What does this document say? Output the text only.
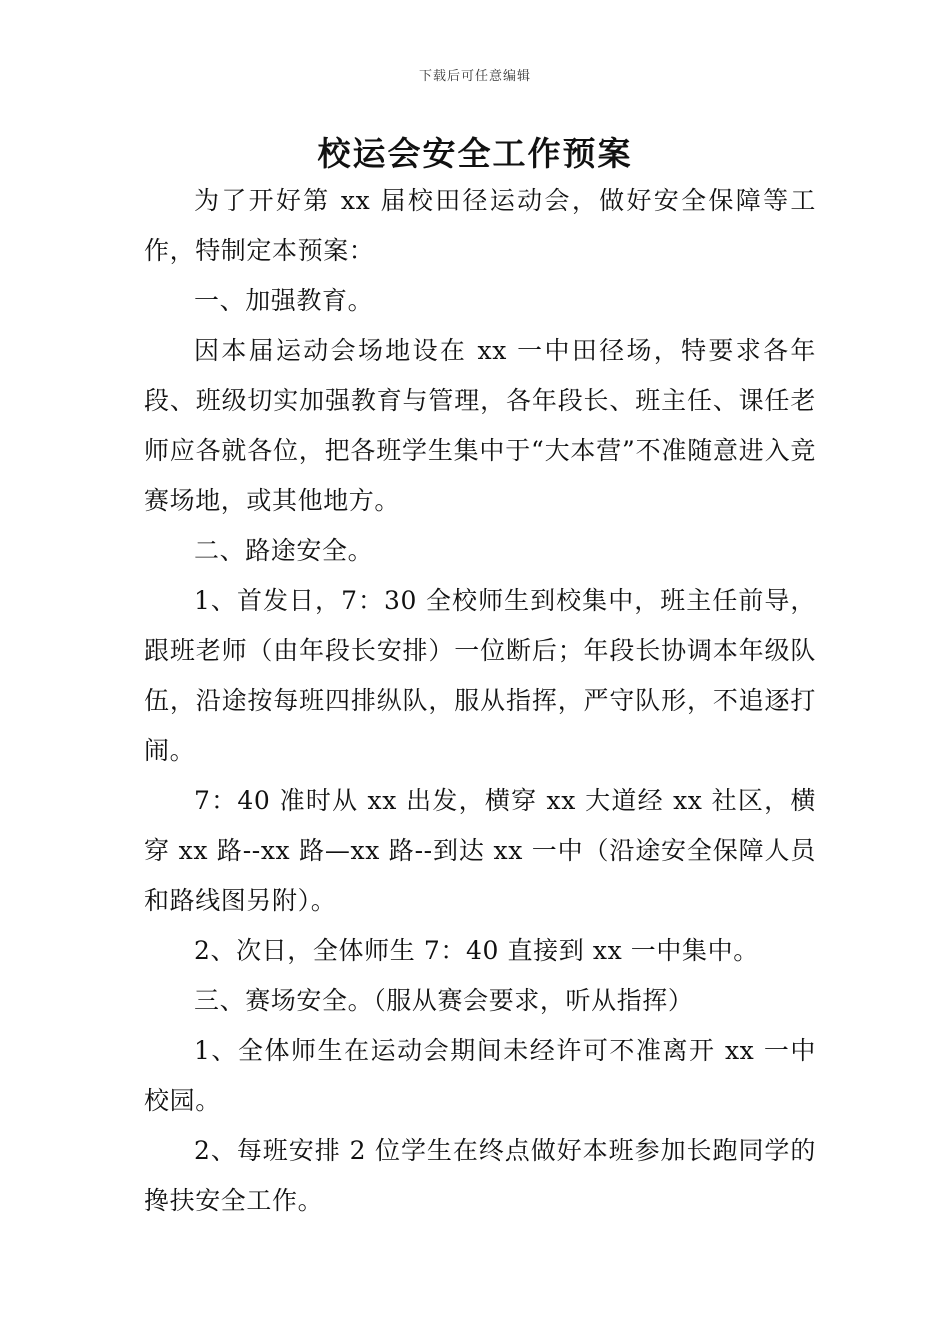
下载后可任意编辑
校运会安全工作预案

为了开好第 xx 届校田径运动会，做好安全保障等工作，特制定本预案：

一、加强教育。

因本届运动会场地设在 xx 一中田径场，特要求各年段、班级切实加强教育与管理，各年段长、班主任、课任老师应各就各位，把各班学生集中于“大本营”不准随意进入竞赛场地，或其他地方。

二、路途安全。

1、首发日，7：30 全校师生到校集中，班主任前导，跟班老师（由年段长安排）一位断后；年段长协调本年级队伍，沿途按每班四排纵队，服从指挥，严守队形，不追逐打闹。

7：40 准时从 xx 出发，横穿 xx 大道经 xx 社区，横穿 xx 路--xx 路—xx 路--到达 xx 一中（沿途安全保障人员和路线图另附）。

2、次日，全体师生 7：40 直接到 xx 一中集中。

三、赛场安全。（服从赛会要求，听从指挥）

1、全体师生在运动会期间未经许可不准离开 xx 一中校园。

2、每班安排 2 位学生在终点做好本班参加长跑同学的搀扶安全工作。
